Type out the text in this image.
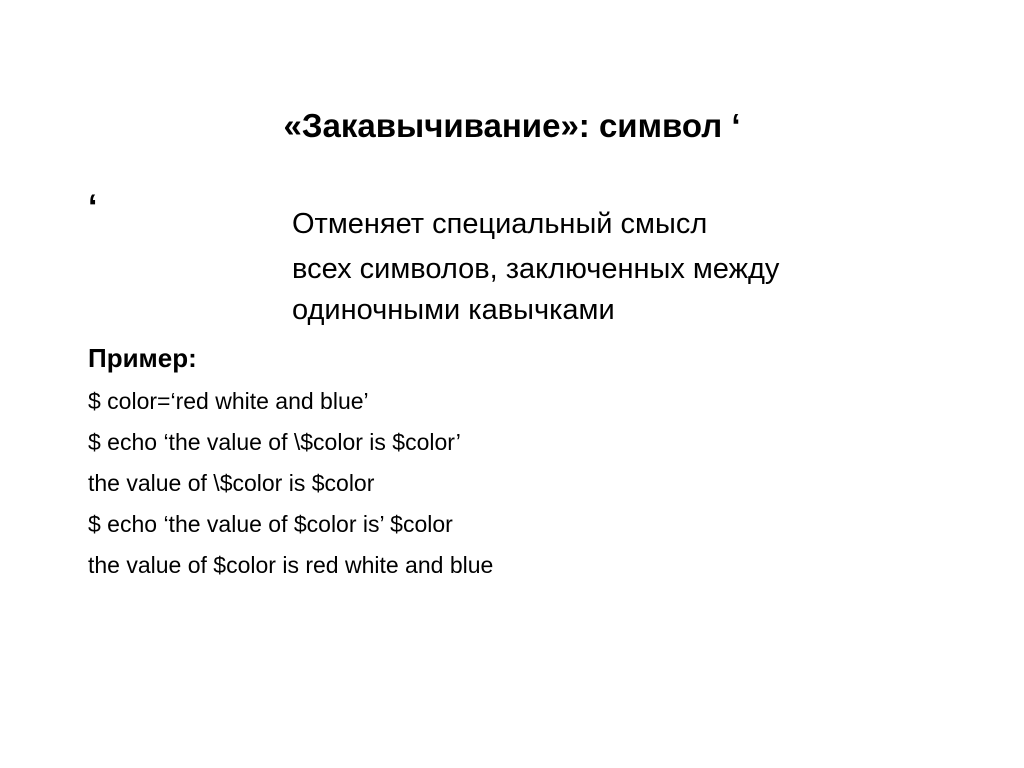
«Закавычивание»: символ ‘
‘	Отменяет специальный смысл
всех символов, заключенных между
одиночными кавычками
Пример:
$ color=‘red white and blue’
$ echo ‘the value of \$color is $color’
the value of \$color is $color
$ echo ‘the value of $color is’ $color
the value of $color is red white and blue
